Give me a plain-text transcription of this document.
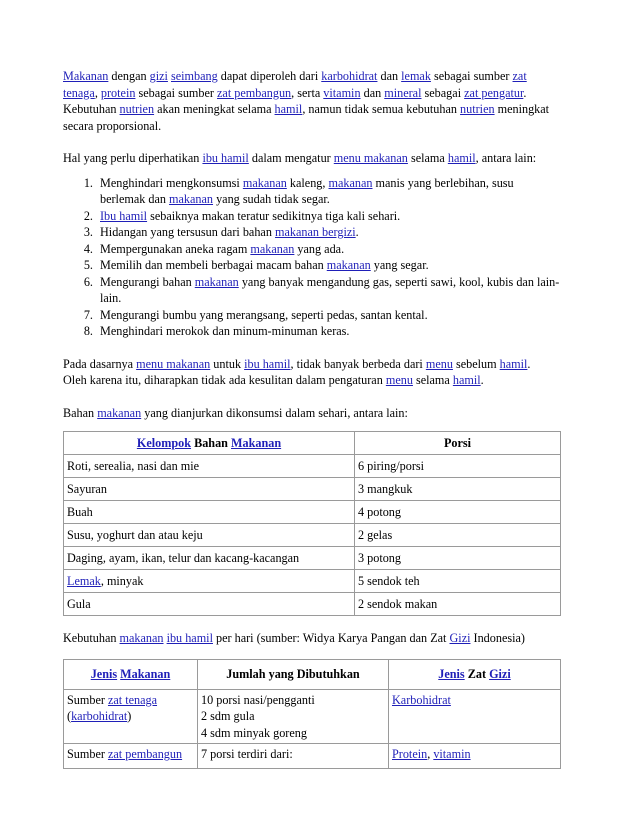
Makanan dengan gizi seimbang dapat diperoleh dari karbohidrat dan lemak sebagai sumber zat tenaga, protein sebagai sumber zat pembangun, serta vitamin dan mineral sebagai zat pengatur.
Kebutuhan nutrien akan meningkat selama hamil, namun tidak semua kebutuhan nutrien meningkat secara proporsional.

Hal yang perlu diperhatikan ibu hamil dalam mengatur menu makanan selama hamil, antara lain:

1. Menghindari mengkonsumsi makanan kaleng, makanan manis yang berlebihan, susu berlemak dan makanan yang sudah tidak segar.
2. Ibu hamil sebaiknya makan teratur sedikitnya tiga kali sehari.
3. Hidangan yang tersusun dari bahan makanan bergizi.
4. Mempergunakan aneka ragam makanan yang ada.
5. Memilih dan membeli berbagai macam bahan makanan yang segar.
6. Mengurangi bahan makanan yang banyak mengandung gas, seperti sawi, kool, kubis dan lain-lain.
7. Mengurangi bumbu yang merangsang, seperti pedas, santan kental.
8. Menghindari merokok dan minum-minuman keras.

Pada dasarnya menu makanan untuk ibu hamil, tidak banyak berbeda dari menu sebelum hamil.
Oleh karena itu, diharapkan tidak ada kesulitan dalam pengaturan menu selama hamil.

Bahan makanan yang dianjurkan dikonsumsi dalam sehari, antara lain:

Kelompok Bahan Makanan	Porsi
Roti, serealia, nasi dan mie	6 piring/porsi
Sayuran	3 mangkuk
Buah	4 potong
Susu, yoghurt dan atau keju	2 gelas
Daging, ayam, ikan, telur dan kacang-kacangan	3 potong
Lemak, minyak	5 sendok teh
Gula	2 sendok makan

Kebutuhan makanan ibu hamil per hari (sumber: Widya Karya Pangan dan Zat Gizi Indonesia)

Jenis Makanan	Jumlah yang Dibutuhkan	Jenis Zat Gizi
Sumber zat tenaga
(karbohidrat)	10 porsi nasi/pengganti
2 sdm gula
4 sdm minyak goreng	Karbohidrat
Sumber zat pembangun	7 porsi terdiri dari:	Protein, vitamin
